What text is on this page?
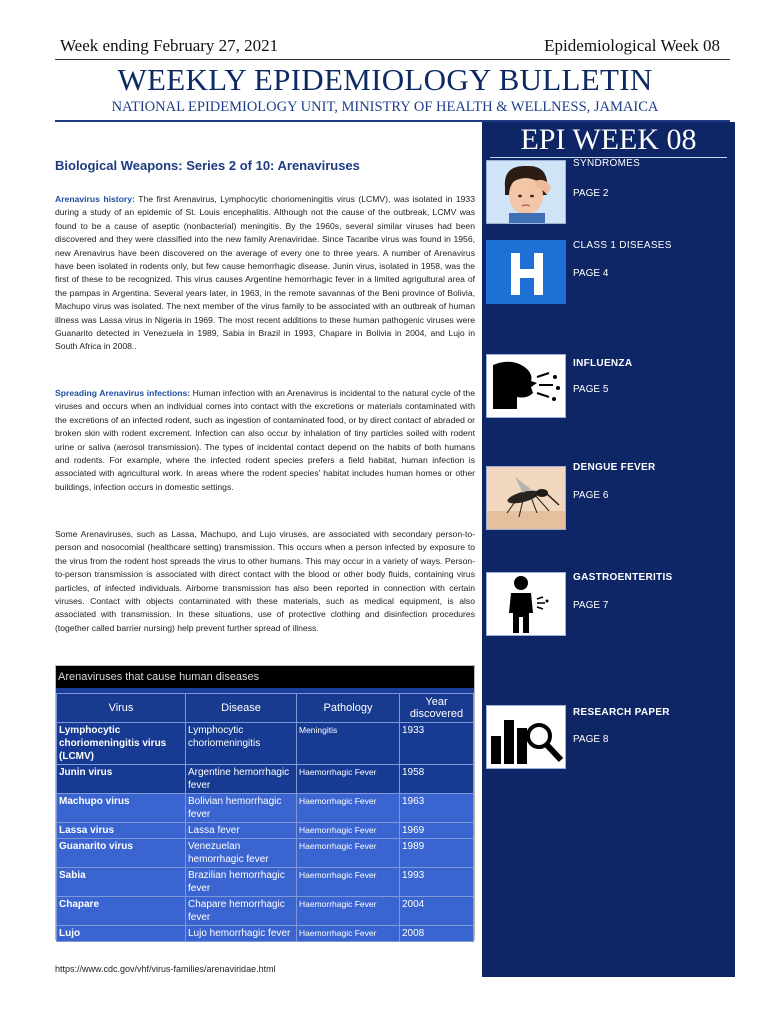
Week ending February 27, 2021	Epidemiological Week 08
WEEKLY EPIDEMIOLOGY BULLETIN
NATIONAL EPIDEMIOLOGY UNIT, MINISTRY OF HEALTH & WELLNESS, JAMAICA
EPI WEEK 08
SYNDROMES
PAGE 2
CLASS 1 DISEASES
PAGE 4
INFLUENZA
PAGE 5
DENGUE FEVER
PAGE 6
GASTROENTERITIS
PAGE 7
RESEARCH PAPER
PAGE 8
Biological Weapons: Series 2 of 10: Arenaviruses

Arenavirus history: The first Arenavirus, Lymphocytic choriomeningitis virus (LCMV), was isolated in 1933 during a study of an epidemic of St. Louis encephalitis. Although not the cause of the outbreak, LCMV was found to be a cause of aseptic (nonbacterial) meningitis. By the 1960s, several similar viruses had been discovered and they were classified into the new family Arenaviridae. Since Tacaribe virus was found in 1956, new Arenavirus have been discovered on the average of every one to three years. A number of Arenavirus have been isolated in rodents only, but few cause hemorrhagic disease. Junin virus, isolated in 1958, was the first of these to be recognized. This virus causes Argentine hemorrhagic fever in a limited agrigultural area of the pampas in Argentina. Several years later, in 1963, in the remote savannas of the Beni province of Bolivia, Machupo virus was isolated. The next member of the virus family to be associated with an outbreak of human illness was Lassa virus in Nigeria in 1969. The most recent additions to these human pathogenic viruses were Guanarito detected in Venezuela in 1989, Sabia in Brazil in 1993, Chapare in Bolivia in 2004, and Lujo in South Africa in 2008..

Spreading Arenavirus infections: Human infection with an Arenavirus is incidental to the natural cycle of the viruses and occurs when an individual comes into contact with the excretions or materials contaminated with the excretions of an infected rodent, such as ingestion of contaminated food, or by direct contact of abraded or broken skin with rodent excrement. Infection can also occur by inhalation of tiny particles soiled with rodent urine or saliva (aerosol transmission). The types of incidental contact depend on the habits of both humans and rodents. For example, where the infected rodent species prefers a field habitat, human infection is associated with agricultural work. In areas where the rodent species' habitat includes human homes or other buildings, infection occurs in domestic settings.

Some Arenaviruses, such as Lassa, Machupo, and Lujo viruses, are associated with secondary person-to-person and nosocomial (healthcare setting) transmission. This occurs when a person infected by exposure to the virus from the rodent host spreads the virus to other humans. This may occur in a variety of ways. Person-to-person transmission is associated with direct contact with the blood or other body fluids, containing virus particles, of infected individuals. Airborne transmission has also been reported in connection with certain viruses. Contact with objects contaminated with these materials, such as medical equipment, is also associated with transmission. In these situations, use of protective clothing and disinfection procedures (together called barrier nursing) help prevent further spread of illness.

Arenaviruses that cause human diseases
Virus	Disease	Pathology	Year discovered
Lymphocytic choriomeningitis virus (LCMV)	Lymphocytic choriomeningitis	Meningitis	1933
Junin virus	Argentine hemorrhagic fever	Haemorrhagic Fever	1958
Machupo virus	Bolivian hemorrhagic fever	Haemorrhagic Fever	1963
Lassa virus	Lassa fever	Haemorrhagic Fever	1969
Guanarito virus	Venezuelan hemorrhagic fever	Haemorrhagic Fever	1989
Sabia	Brazilian hemorrhagic fever	Haemorrhagic Fever	1993
Chapare	Chapare hemorrhagic fever	Haemorrhagic Fever	2004
Lujo	Lujo hemorrhagic fever	Haemorrhagic Fever	2008
https://www.cdc.gov/vhf/virus-families/arenaviridae.html
